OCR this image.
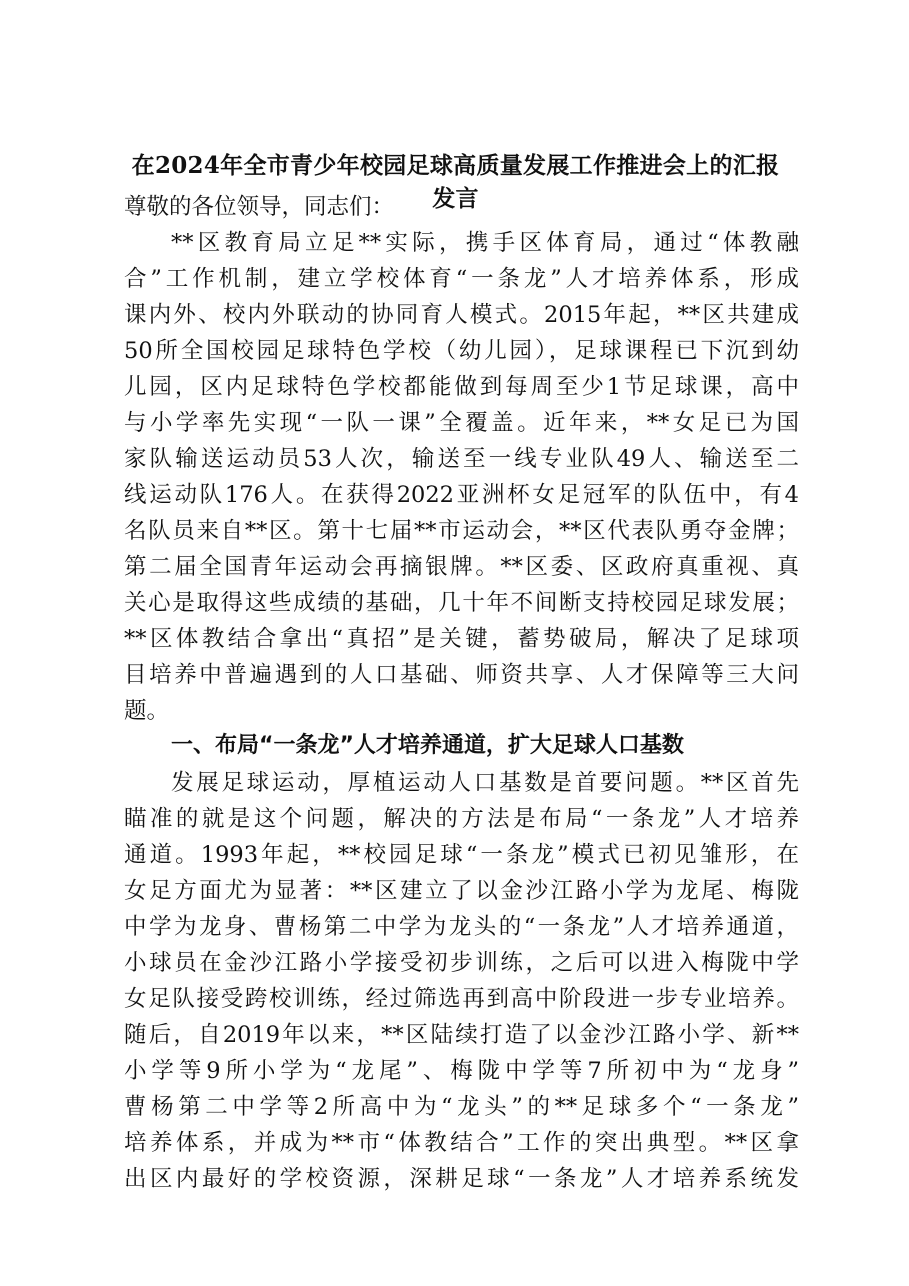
在2024年全市青少年校园足球高质量发展工作推进会上的汇报
发言
尊敬的各位领导，同志们：
**区教育局立足**实际，携手区体育局，通过“体教融
合”工作机制，建立学校体育“一条龙”人才培养体系，形成
课内外、校内外联动的协同育人模式。2015年起，**区共建成
50所全国校园足球特色学校（幼儿园），足球课程已下沉到幼
儿园，区内足球特色学校都能做到每周至少1节足球课，高中
与小学率先实现“一队一课”全覆盖。近年来，**女足已为国
家队输送运动员53人次，输送至一线专业队49人、输送至二
线运动队176人。在获得2022亚洲杯女足冠军的队伍中，有4
名队员来自**区。第十七届**市运动会，**区代表队勇夺金牌；
第二届全国青年运动会再摘银牌。**区委、区政府真重视、真
关心是取得这些成绩的基础，几十年不间断支持校园足球发展；
**区体教结合拿出“真招”是关键，蓄势破局，解决了足球项
目培养中普遍遇到的人口基础、师资共享、人才保障等三大问
题。
一、布局“一条龙”人才培养通道，扩大足球人口基数
发展足球运动，厚植运动人口基数是首要问题。**区首先
瞄准的就是这个问题，解决的方法是布局“一条龙”人才培养
通道。1993年起，**校园足球“一条龙”模式已初见雏形，在
女足方面尤为显著：**区建立了以金沙江路小学为龙尾、梅陇
中学为龙身、曹杨第二中学为龙头的“一条龙”人才培养通道，
小球员在金沙江路小学接受初步训练，之后可以进入梅陇中学
女足队接受跨校训练，经过筛选再到高中阶段进一步专业培养。
随后，自2019年以来，**区陆续打造了以金沙江路小学、新**
小学等9所小学为“龙尾”、梅陇中学等7所初中为“龙身”
曹杨第二中学等2所高中为“龙头”的**足球多个“一条龙”
培养体系，并成为**市“体教结合”工作的突出典型。**区拿
出区内最好的学校资源，深耕足球“一条龙”人才培养系统发
